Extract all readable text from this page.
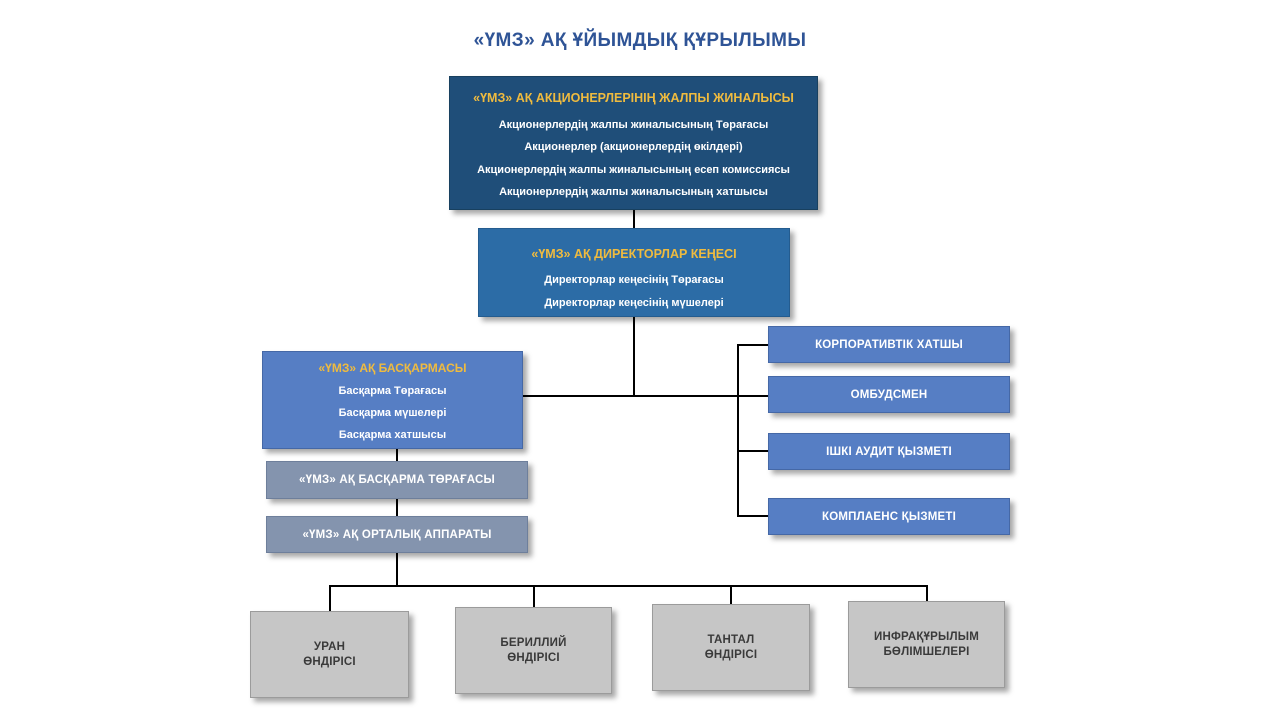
«ҮМЗ» АҚ ҰЙЫМДЫҚ ҚҰРЫЛЫМЫ
«ҮМЗ» АҚ АКЦИОНЕРЛЕРІНІҢ ЖАЛПЫ ЖИНАЛЫСЫ
Акционерлердің жалпы жиналысының Төрағасы
Акционерлер (акционерлердің өкілдері)
Акционерлердің жалпы жиналысының есеп комиссиясы
Акционерлердің жалпы жиналысының хатшысы
«ҮМЗ» АҚ ДИРЕКТОРЛАР КЕҢЕСІ
Директорлар кеңесінің Төрағасы
Директорлар кеңесінің мүшелері
«ҮМЗ» АҚ БАСҚАРМАСЫ
Басқарма Төрағасы
Басқарма мүшелері
Басқарма хатшысы
«ҮМЗ» АҚ БАСҚАРМА ТӨРАҒАСЫ
«ҮМЗ» АҚ ОРТАЛЫҚ АППАРАТЫ
КОРПОРАТИВТІК ХАТШЫ
ОМБУДСМЕН
ІШКІ АУДИТ ҚЫЗМЕТІ
КОМПЛАЕНС ҚЫЗМЕТІ
УРАН
ӨНДІРІСІ
БЕРИЛЛИЙ
ӨНДІРІСІ
ТАНТАЛ
ӨНДІРІСІ
ИНФРАҚҰРЫЛЫМ
БӨЛІМШЕЛЕРІ
